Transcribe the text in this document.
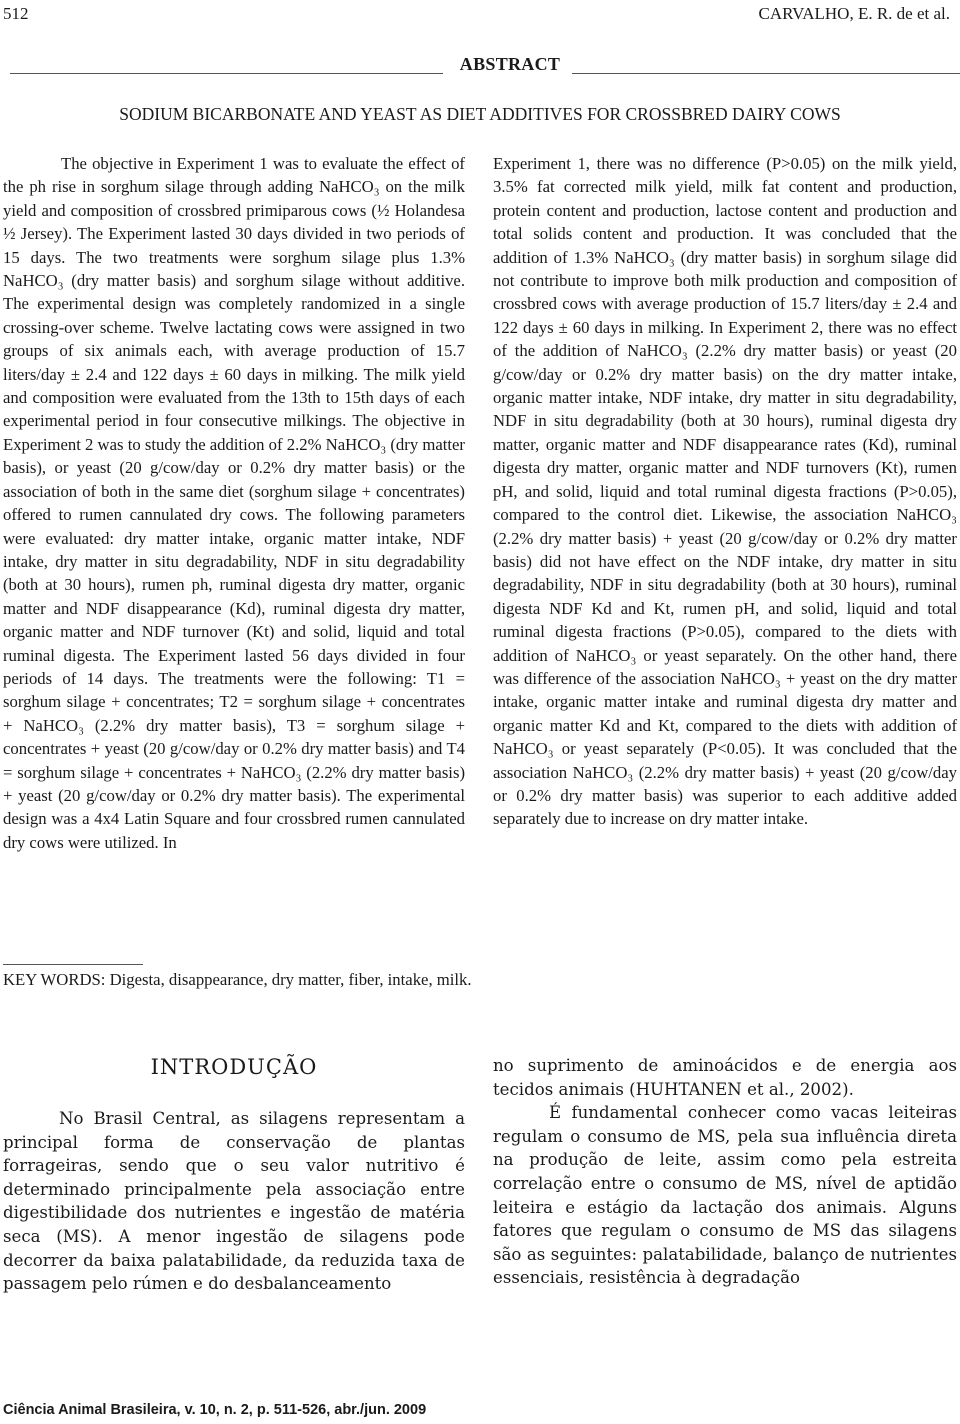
512	CARVALHO, E. R. de et al.
ABSTRACT
SODIUM BICARBONATE AND YEAST AS DIET ADDITIVES FOR CROSSBRED DAIRY COWS

The objective in Experiment 1 was to evaluate the effect of the ph rise in sorghum silage through adding NaHCO₃ on the milk yield and composition of crossbred primiparous cows (½ Holandesa ½ Jersey). The Experiment lasted 30 days divided in two periods of 15 days. The two treatments were sorghum silage plus 1.3% NaHCO₃ (dry matter basis) and sorghum silage without additive. The experimental design was completely randomized in a single crossing-over scheme. Twelve lactating cows were assigned in two groups of six animals each, with average production of 15.7 liters/day ± 2.4 and 122 days ± 60 days in milking. The milk yield and composition were evaluated from the 13th to 15th days of each experimental period in four consecutive milkings. The objective in Experiment 2 was to study the addition of 2.2% NaHCO₃ (dry matter basis), or yeast (20 g/cow/day or 0.2% dry matter basis) or the association of both in the same diet (sorghum silage + concentrates) offered to rumen cannulated dry cows. The following parameters were evaluated: dry matter intake, organic matter intake, NDF intake, dry matter in situ degradability, NDF in situ degradability (both at 30 hours), rumen ph, ruminal digesta dry matter, organic matter and NDF disappearance (Kd), ruminal digesta dry matter, organic matter and NDF turnover (Kt) and solid, liquid and total ruminal digesta. The Experiment lasted 56 days divided in four periods of 14 days. The treatments were the following: T1 = sorghum silage + concentrates; T2 = sorghum silage + concentrates + NaHCO₃ (2.2% dry matter basis), T3 = sorghum silage + concentrates + yeast (20 g/cow/day or 0.2% dry matter basis) and T4 = sorghum silage + concentrates + NaHCO₃ (2.2% dry matter basis) + yeast (20 g/cow/day or 0.2% dry matter basis). The experimental design was a 4x4 Latin Square and four crossbred rumen cannulated dry cows were utilized. In

Experiment 1, there was no difference (P>0.05) on the milk yield, 3.5% fat corrected milk yield, milk fat content and production, protein content and production, lactose content and production and total solids content and production. It was concluded that the addition of 1.3% NaHCO₃ (dry matter basis) in sorghum silage did not contribute to improve both milk production and composition of crossbred cows with average production of 15.7 liters/day ± 2.4 and 122 days ± 60 days in milking. In Experiment 2, there was no effect of the addition of NaHCO₃ (2.2% dry matter basis) or yeast (20 g/cow/day or 0.2% dry matter basis) on the dry matter intake, organic matter intake, NDF intake, dry matter in situ degradability, NDF in situ degradability (both at 30 hours), ruminal digesta dry matter, organic matter and NDF disappearance rates (Kd), ruminal digesta dry matter, organic matter and NDF turnovers (Kt), rumen pH, and solid, liquid and total ruminal digesta fractions (P>0.05), compared to the control diet. Likewise, the association NaHCO₃ (2.2% dry matter basis) + yeast (20 g/cow/day or 0.2% dry matter basis) did not have effect on the NDF intake, dry matter in situ degradability, NDF in situ degradability (both at 30 hours), ruminal digesta NDF Kd and Kt, rumen pH, and solid, liquid and total ruminal digesta fractions (P>0.05), compared to the diets with addition of NaHCO₃ or yeast separately. On the other hand, there was difference of the association NaHCO₃ + yeast on the dry matter intake, organic matter intake and ruminal digesta dry matter and organic matter Kd and Kt, compared to the diets with addition of NaHCO₃ or yeast separately (P<0.05). It was concluded that the association NaHCO₃ (2.2% dry matter basis) + yeast (20 g/cow/day or 0.2% dry matter basis) was superior to each additive added separately due to increase on dry matter intake.

KEY WORDS: Digesta, disappearance, dry matter, fiber, intake, milk.
INTRODUÇÃO

No Brasil Central, as silagens representam a principal forma de conservação de plantas forrageiras, sendo que o seu valor nutritivo é determinado principalmente pela associação entre digestibilidade dos nutrientes e ingestão de matéria seca (MS). A menor ingestão de silagens pode decorrer da baixa palatabilidade, da reduzida taxa de passagem pelo rúmen e do desbalanceamento

no suprimento de aminoácidos e de energia aos tecidos animais (HUHTANEN et al., 2002).

É fundamental conhecer como vacas leiteiras regulam o consumo de MS, pela sua influência direta na produção de leite, assim como pela estreita correlação entre o consumo de MS, nível de aptidão leiteira e estágio da lactação dos animais. Alguns fatores que regulam o consumo de MS das silagens são as seguintes: palatabilidade, balanço de nutrientes essenciais, resistência à degradação

Ciência Animal Brasileira, v. 10, n. 2, p. 511-526, abr./jun. 2009
